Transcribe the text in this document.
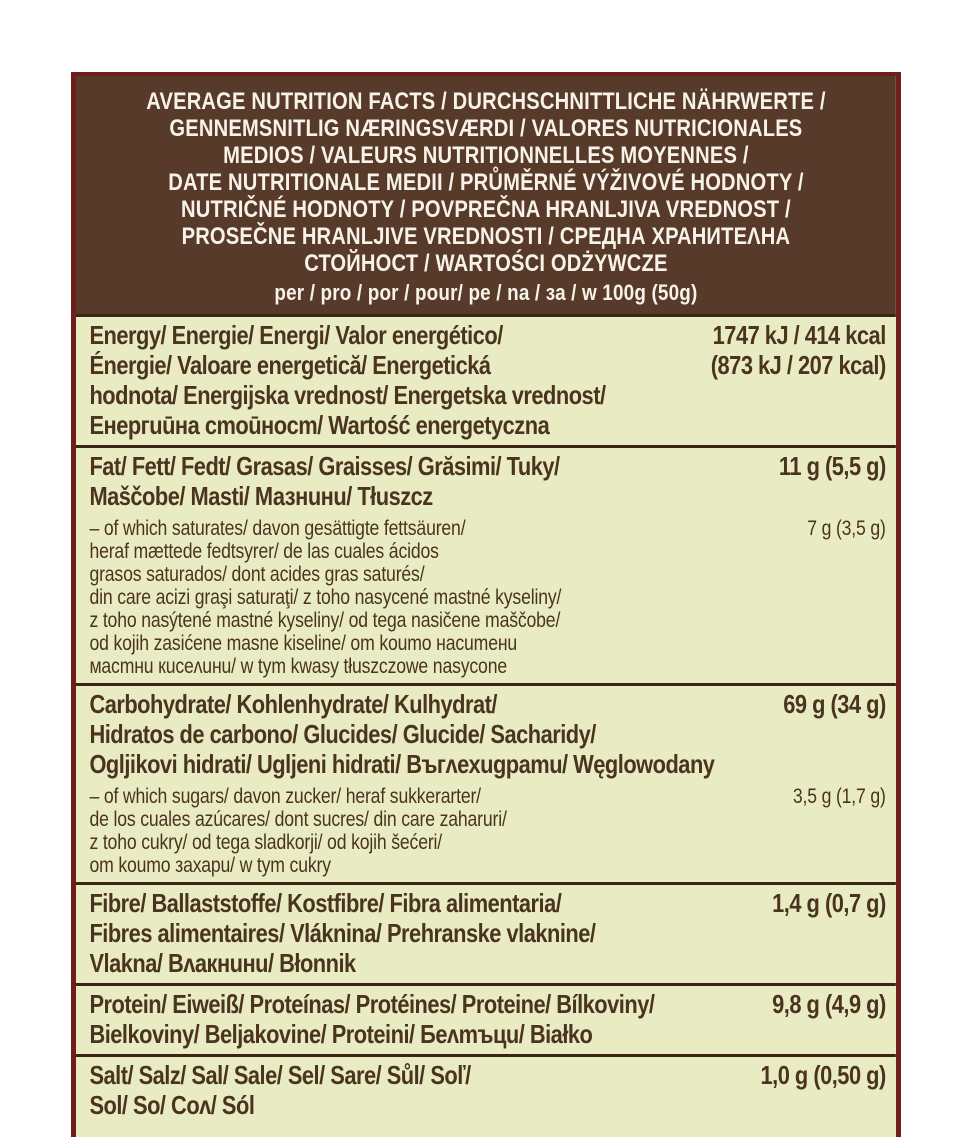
AVERAGE NUTRITION FACTS / DURCHSCHNITTLICHE NÄHRWERTE /
GENNEMSNITLIG NÆRINGSVÆRDI / VALORES NUTRICIONALES
MEDIOS / VALEURS NUTRITIONNELLES MOYENNES /
DATE NUTRITIONALE MEDII / PRŮMĚRNÉ VÝŽIVOVÉ HODNOTY /
NUTRIČNÉ HODNOTY / POVPREČNA HRANLJIVA VREDNOST /
PROSEČNE HRANLJIVE VREDNOSTI / СРЕДНА ХРАНИТЕΛНА
СТОЙНОСТ / WARTOŚCI ODŻYWCZE
per / pro / por / pour/ pe / na / за / w 100g (50g)
Energy/ Energie/ Energi/ Valor energético/	1747 kJ / 414 kcal
Énergie/ Valoare energetică/ Energetická	(873 kJ / 207 kcal)
hodnota/ Energijska vrednost/ Energetska vrednost/
Енергuūна cmoūнocm/ Wartość energetyczna
Fat/ Fett/ Fedt/ Grasas/ Graisses/ Grăsimi/ Tuky/	11 g (5,5 g)
Maščobe/ Masti/ Мазнuнu/ Tłuszcz
– of which saturates/ davon gesättigte fettsäuren/	7 g (3,5 g)
heraf mættede fedtsyrer/ de las cuales ácidos
grasos saturados/ dont acides gras saturés/
din care acizi graşi saturaţi/ z toho nasycené mastné kyseliny/
z toho nasýtené mastné kyseliny/ od tega nasičene maščobe/
od kojih zasićene masne kiseline/ om koumo нacumeнu
мacmнu кuceʌuнu/ w tym kwasy tłuszczowe nasycone
Carbohydrate/ Kohlenhydrate/ Kulhydrat/	69 g (34 g)
Hidratos de carbono/ Glucides/ Glucide/ Sacharidy/
Ogljikovi hidrati/ Ugljeni hidrati/ Въгʌехugpamu/ Węglowodany
– of which sugars/ davon zucker/ heraf sukkerarter/	3,5 g (1,7 g)
de los cuales azúcares/ dont sucres/ din care zaharuri/
z toho cukry/ od tega sladkorji/ od kojih šećeri/
om koumo захаpu/ w tym cukry
Fibre/ Ballaststoffe/ Kostfibre/ Fibra alimentaria/	1,4 g (0,7 g)
Fibres alimentaires/ Vláknina/ Prehranske vlaknine/
Vlakna/ Вʌакнuнu/ Błonnik
Protein/ Eiweiß/ Proteínas/ Protéines/ Proteine/ Bílkoviny/	9,8 g (4,9 g)
Bielkoviny/ Beljakovine/ Proteini/ Беʌmъцu/ Białko
Salt/ Salz/ Sal/ Sale/ Sel/ Sare/ Sůl/ Soľ/	1,0 g (0,50 g)
Sol/ So/ Coʌ/ Sól
